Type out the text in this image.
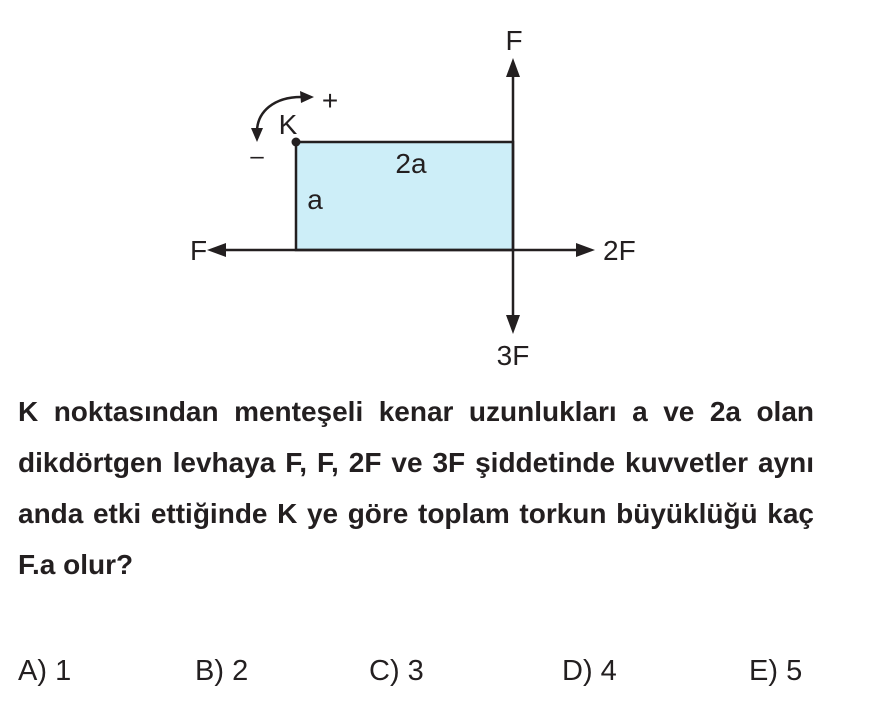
F
F	2F
3F
K
2a
a
+
–
K noktasından menteşeli kenar uzunlukları a ve 2a olan dikdörtgen levhaya F, F, 2F ve 3F şiddetinde kuvvetler aynı anda etki ettiğinde K ye göre toplam torkun büyüklüğü kaç F.a olur?
A) 1	B) 2	C) 3	D) 4	E) 5
